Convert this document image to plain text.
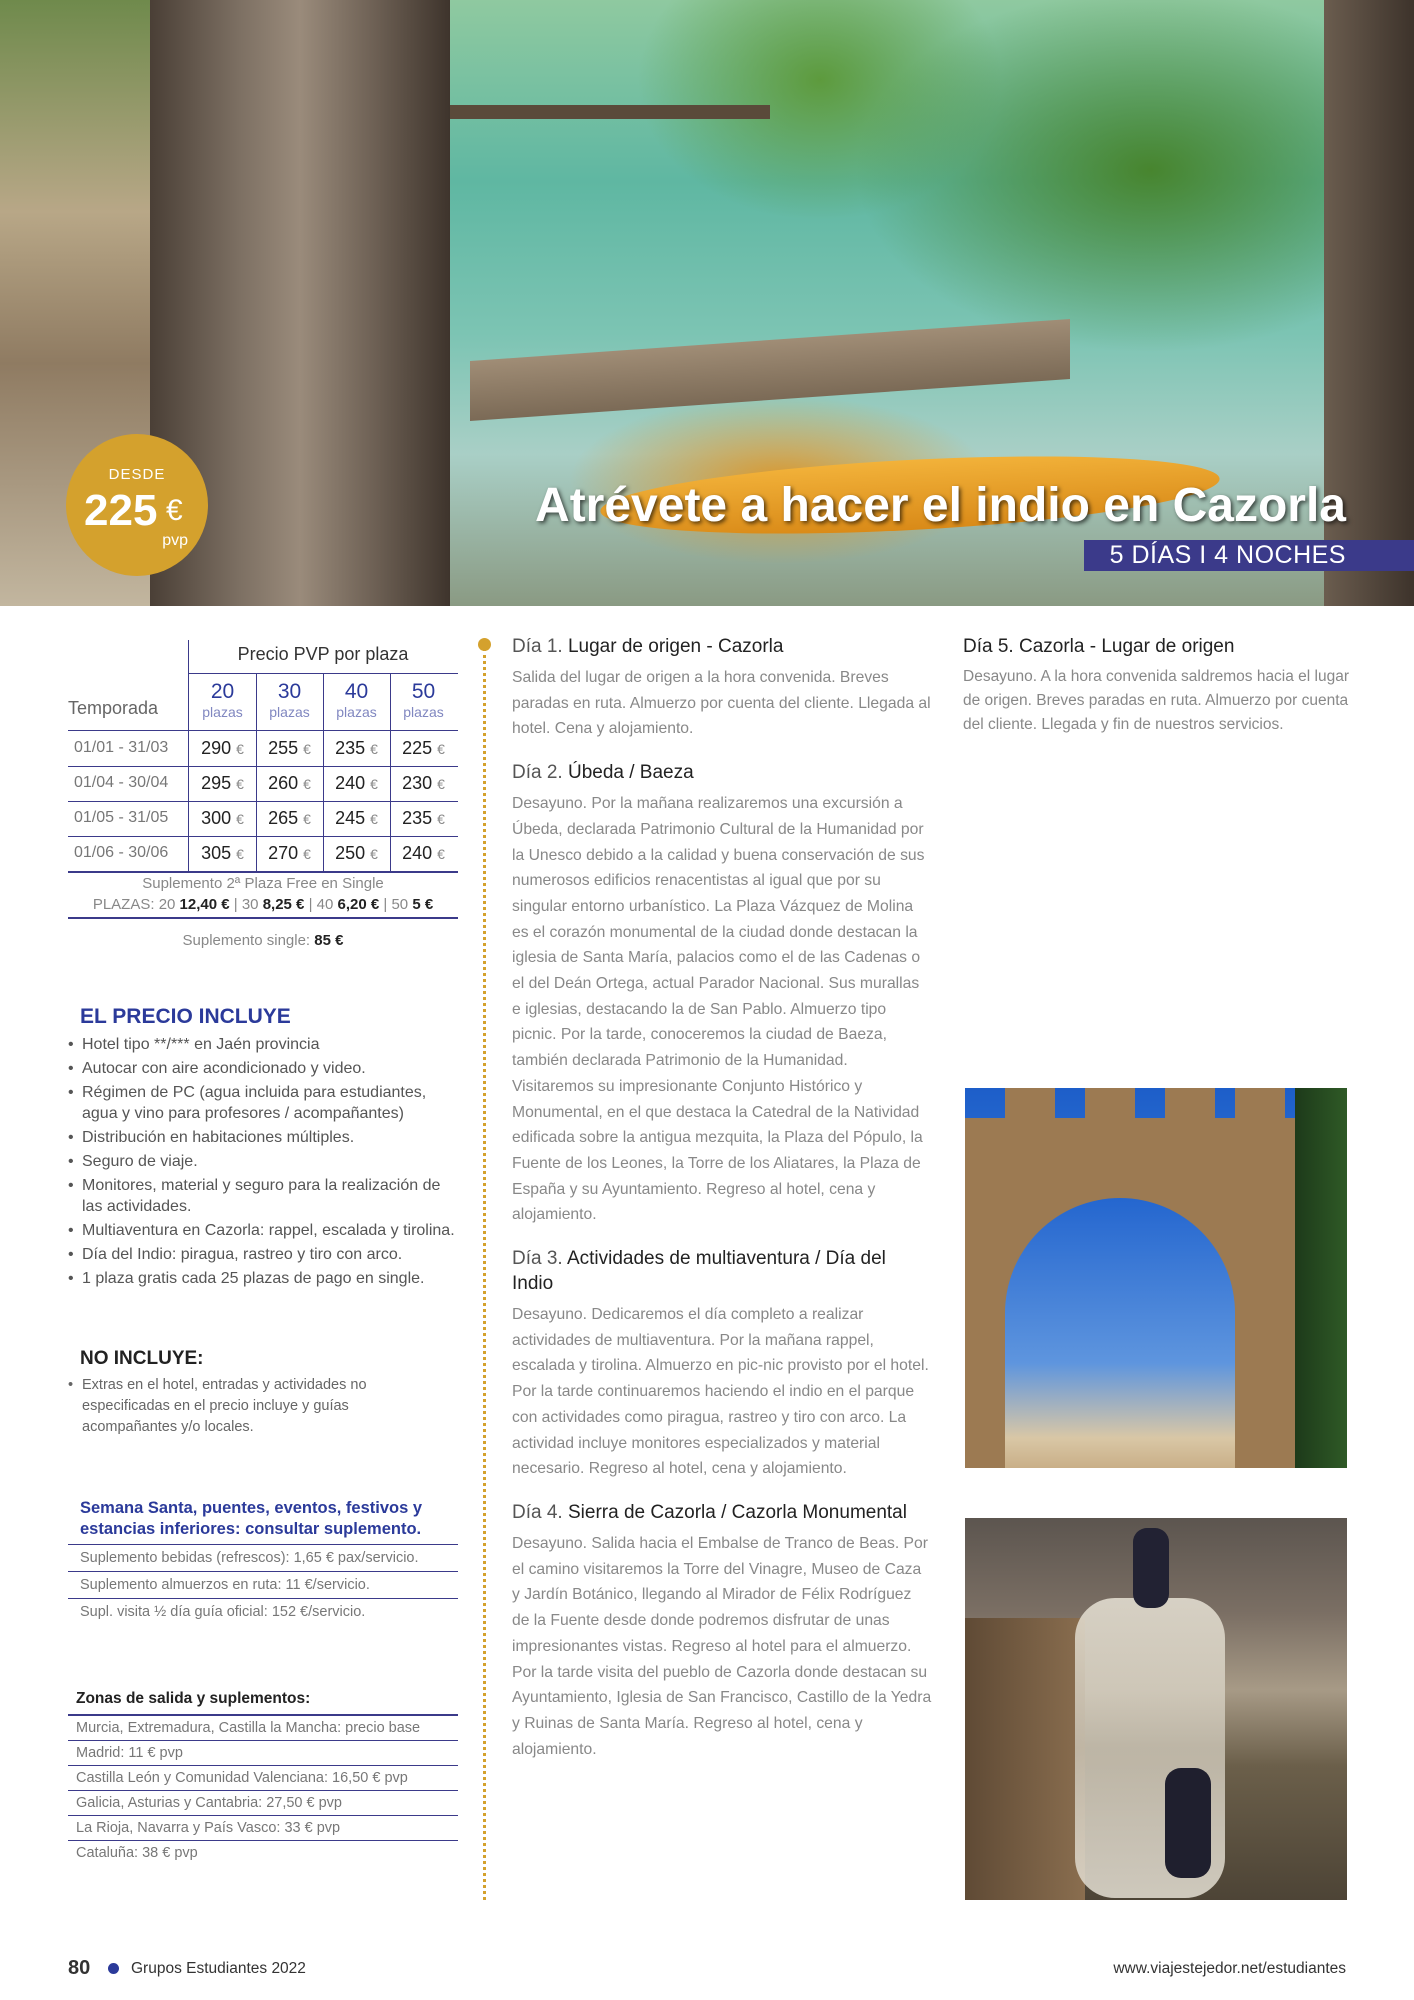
DESDE
225 €
pvp
Atrévete a hacer el indio en Cazorla
5 DÍAS I 4 NOCHES
Precio PVP por plaza
Temporada
20
plazas
30
plazas
40
plazas
50
plazas
01/01 - 31/03	290 €	255 €	235 €	225 €
01/04 - 30/04	295 €	260 €	240 €	230 €
01/05 - 31/05	300 €	265 €	245 €	235 €
01/06 - 30/06	305 €	270 €	250 €	240 €
Suplemento 2ª Plaza Free en Single
PLAZAS: 20 12,40 € | 30 8,25 € | 40 6,20 € | 50 5 €
Suplemento single: 85 €
EL PRECIO INCLUYE
• Hotel tipo **/*** en Jaén provincia
• Autocar con aire acondicionado y video.
• Régimen de PC (agua incluida para estudiantes, agua y vino para profesores / acompañantes)
• Distribución en habitaciones múltiples.
• Seguro de viaje.
• Monitores, material y seguro para la realización de las actividades.
• Multiaventura en Cazorla: rappel, escalada y tirolina.
• Día del Indio: piragua, rastreo y tiro con arco.
• 1 plaza gratis cada 25 plazas de pago en single.
NO INCLUYE:
• Extras en el hotel, entradas y actividades no especificadas en el precio incluye y guías acompañantes y/o locales.
Semana Santa, puentes, eventos, festivos y estancias inferiores: consultar suplemento.
Suplemento bebidas (refrescos): 1,65 € pax/servicio.
Suplemento almuerzos en ruta: 11 €/servicio.
Supl. visita ½ día guía oficial: 152 €/servicio.
Zonas de salida y suplementos:
Murcia, Extremadura, Castilla la Mancha: precio base
Madrid: 11 € pvp
Castilla León y Comunidad Valenciana: 16,50 € pvp
Galicia, Asturias y Cantabria: 27,50 € pvp
La Rioja, Navarra y País Vasco: 33 € pvp
Cataluña: 38 € pvp
Día 1. Lugar de origen - Cazorla
Salida del lugar de origen a la hora convenida. Breves paradas en ruta. Almuerzo por cuenta del cliente. Llegada al hotel. Cena y alojamiento.
Día 2. Úbeda / Baeza
Desayuno. Por la mañana realizaremos una excursión a Úbeda, declarada Patrimonio Cultural de la Humanidad por la Unesco debido a la calidad y buena conservación de sus numerosos edificios renacentistas al igual que por su singular entorno urbanístico. La Plaza Vázquez de Molina es el corazón monumental de la ciudad donde destacan la iglesia de Santa María, palacios como el de las Cadenas o el del Deán Ortega, actual Parador Nacional. Sus murallas e iglesias, destacando la de San Pablo. Almuerzo tipo picnic. Por la tarde, conoceremos la ciudad de Baeza, también declarada Patrimonio de la Humanidad. Visitaremos su impresionante Conjunto Histórico y Monumental, en el que destaca la Catedral de la Natividad edificada sobre la antigua mezquita, la Plaza del Pópulo, la Fuente de los Leones, la Torre de los Aliatares, la Plaza de España y su Ayuntamiento. Regreso al hotel, cena y alojamiento.
Día 3. Actividades de multiaventura / Día del Indio
Desayuno. Dedicaremos el día completo a realizar actividades de multiaventura. Por la mañana rappel, escalada y tirolina. Almuerzo en pic-nic provisto por el hotel. Por la tarde continuaremos haciendo el indio en el parque con actividades como piragua, rastreo y tiro con arco. La actividad incluye monitores especializados y material necesario. Regreso al hotel, cena y alojamiento.
Día 4. Sierra de Cazorla / Cazorla Monumental
Desayuno. Salida hacia el Embalse de Tranco de Beas. Por el camino visitaremos la Torre del Vinagre, Museo de Caza y Jardín Botánico, llegando al Mirador de Félix Rodríguez de la Fuente desde donde podremos disfrutar de unas impresionantes vistas. Regreso al hotel para el almuerzo. Por la tarde visita del pueblo de Cazorla donde destacan su Ayuntamiento, Iglesia de San Francisco, Castillo de la Yedra y Ruinas de Santa María. Regreso al hotel, cena y alojamiento.
Día 5. Cazorla - Lugar de origen
Desayuno. A la hora convenida saldremos hacia el lugar de origen. Breves paradas en ruta. Almuerzo por cuenta del cliente. Llegada y fin de nuestros servicios.
80	Grupos Estudiantes 2022	www.viajestejedor.net/estudiantes
